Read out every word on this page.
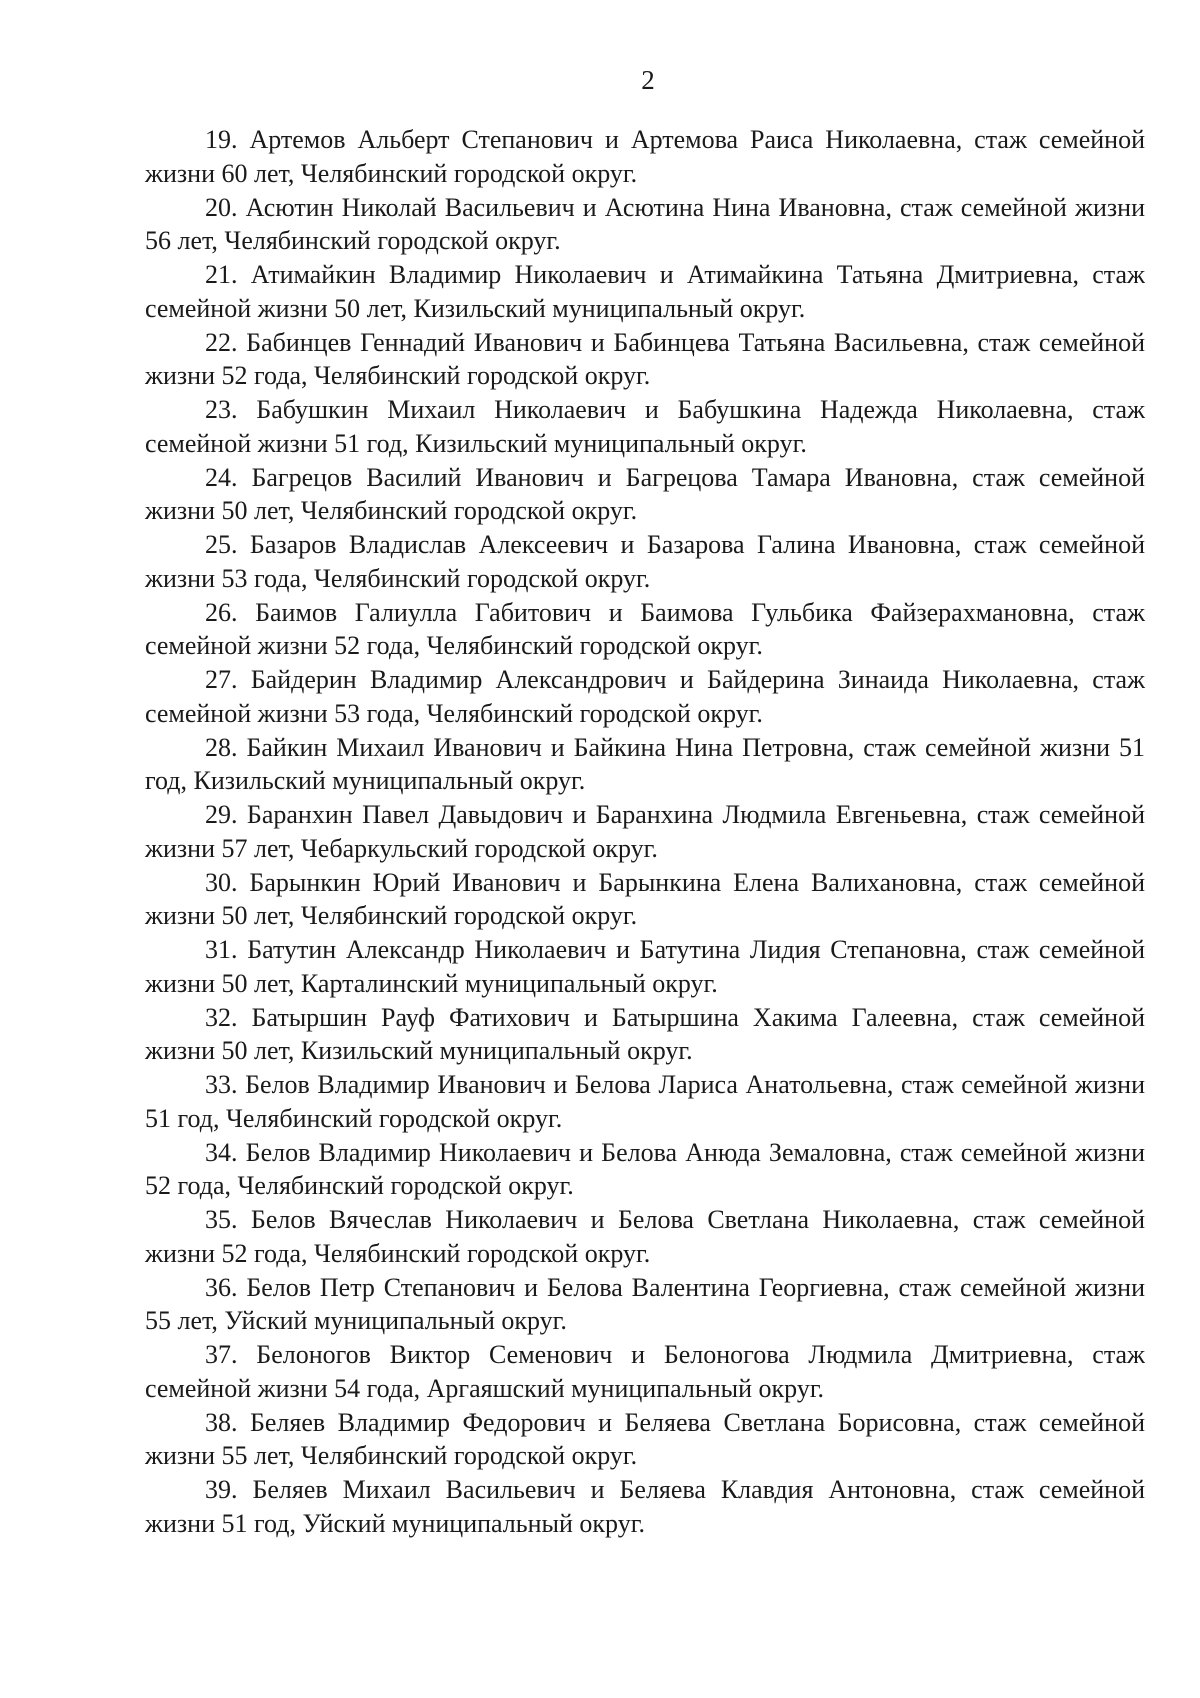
2

19. Артемов Альберт Степанович и Артемова Раиса Николаевна, стаж семейной жизни 60 лет, Челябинский городской округ.

20. Асютин Николай Васильевич и Асютина Нина Ивановна, стаж семейной жизни 56 лет, Челябинский городской округ.

21. Атимайкин Владимир Николаевич и Атимайкина Татьяна Дмитриевна, стаж семейной жизни 50 лет, Кизильский муниципальный округ.

22. Бабинцев Геннадий Иванович и Бабинцева Татьяна Васильевна, стаж семейной жизни 52 года, Челябинский городской округ.

23. Бабушкин Михаил Николаевич и Бабушкина Надежда Николаевна, стаж семейной жизни 51 год, Кизильский муниципальный округ.

24. Багрецов Василий Иванович и Багрецова Тамара Ивановна, стаж семейной жизни 50 лет, Челябинский городской округ.

25. Базаров Владислав Алексеевич и Базарова Галина Ивановна, стаж семейной жизни 53 года, Челябинский городской округ.

26. Баимов Галиулла Габитович и Баимова Гульбика Файзерахмановна, стаж семейной жизни 52 года, Челябинский городской округ.

27. Байдерин Владимир Александрович и Байдерина Зинаида Николаевна, стаж семейной жизни 53 года, Челябинский городской округ.

28. Байкин Михаил Иванович и Байкина Нина Петровна, стаж семейной жизни 51 год, Кизильский муниципальный округ.

29. Баранхин Павел Давыдович и Баранхина Людмила Евгеньевна, стаж семейной жизни 57 лет, Чебаркульский городской округ.

30. Барынкин Юрий Иванович и Барынкина Елена Валихановна, стаж семейной жизни 50 лет, Челябинский городской округ.

31. Батутин Александр Николаевич и Батутина Лидия Степановна, стаж семейной жизни 50 лет, Карталинский муниципальный округ.

32. Батыршин Рауф Фатихович и Батыршина Хакима Галеевна, стаж семейной жизни 50 лет, Кизильский муниципальный округ.

33. Белов Владимир Иванович и Белова Лариса Анатольевна, стаж семейной жизни 51 год, Челябинский городской округ.

34. Белов Владимир Николаевич и Белова Анюда Земаловна, стаж семейной жизни 52 года, Челябинский городской округ.

35. Белов Вячеслав Николаевич и Белова Светлана Николаевна, стаж семейной жизни 52 года, Челябинский городской округ.

36. Белов Петр Степанович и Белова Валентина Георгиевна, стаж семейной жизни 55 лет, Уйский муниципальный округ.

37. Белоногов Виктор Семенович и Белоногова Людмила Дмитриевна, стаж семейной жизни 54 года, Аргаяшский муниципальный округ.

38. Беляев Владимир Федорович и Беляева Светлана Борисовна, стаж семейной жизни 55 лет, Челябинский городской округ.

39. Беляев Михаил Васильевич и Беляева Клавдия Антоновна, стаж семейной жизни 51 год, Уйский муниципальный округ.
